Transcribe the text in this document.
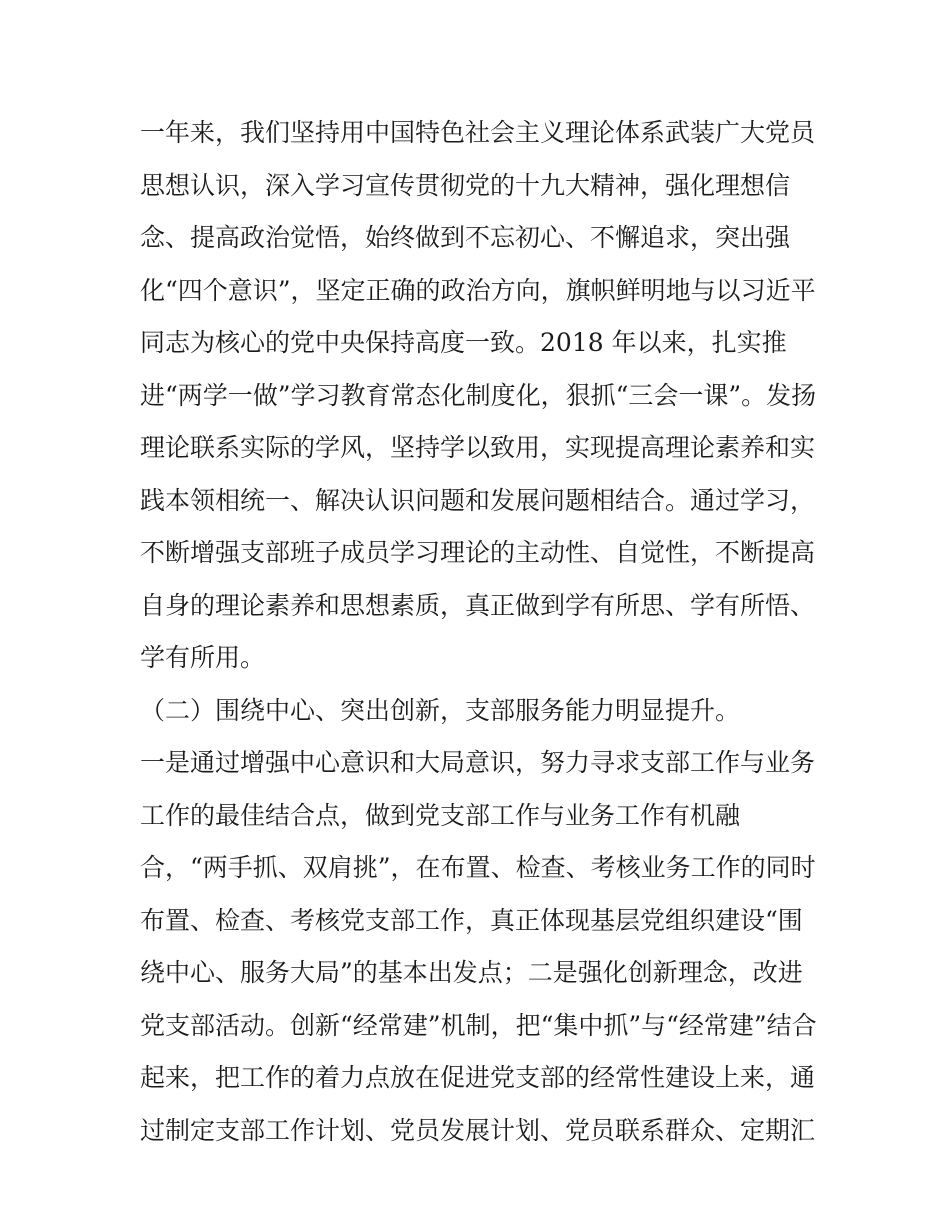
一年来，我们坚持用中国特色社会主义理论体系武装广大党员
思想认识，深入学习宣传贯彻党的十九大精神，强化理想信
念、提高政治觉悟，始终做到不忘初心、不懈追求，突出强
化“四个意识”，坚定正确的政治方向，旗帜鲜明地与以习近平
同志为核心的党中央保持高度一致。2018 年以来，扎实推
进“两学一做”学习教育常态化制度化，狠抓“三会一课”。发扬
理论联系实际的学风，坚持学以致用，实现提高理论素养和实
践本领相统一、解决认识问题和发展问题相结合。通过学习，
不断增强支部班子成员学习理论的主动性、自觉性，不断提高
自身的理论素养和思想素质，真正做到学有所思、学有所悟、
学有所用。
（二）围绕中心、突出创新，支部服务能力明显提升。
一是通过增强中心意识和大局意识，努力寻求支部工作与业务
工作的最佳结合点，做到党支部工作与业务工作有机融
合，“两手抓、双肩挑”，在布置、检查、考核业务工作的同时
布置、检查、考核党支部工作，真正体现基层党组织建设“围
绕中心、服务大局”的基本出发点；二是强化创新理念，改进
党支部活动。创新“经常建”机制，把“集中抓”与“经常建”结合
起来，把工作的着力点放在促进党支部的经常性建设上来，通
过制定支部工作计划、党员发展计划、党员联系群众、定期汇
